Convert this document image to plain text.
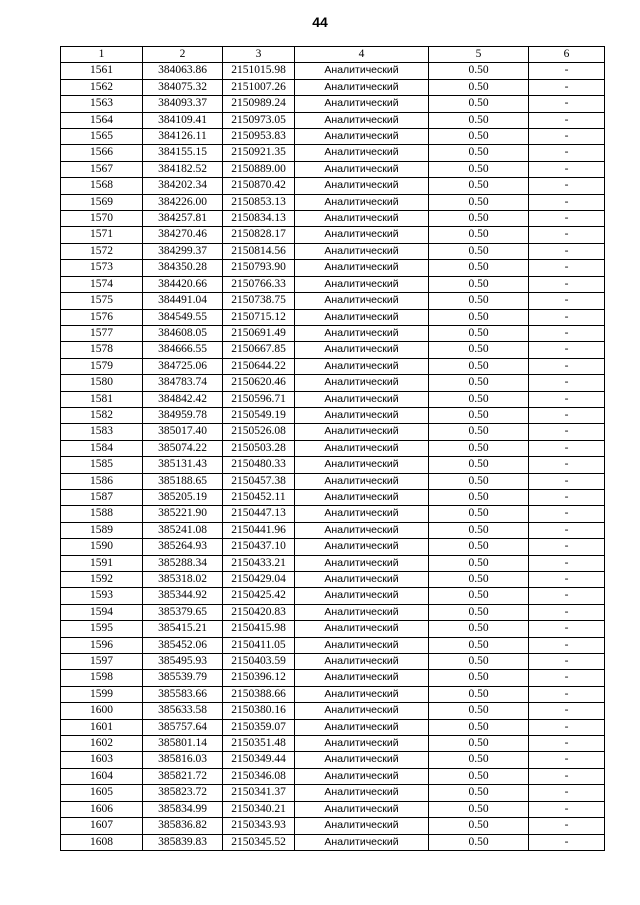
44
1	2	3	4	5	6
1561	384063.86	2151015.98	Аналитический	0.50	-
1562	384075.32	2151007.26	Аналитический	0.50	-
1563	384093.37	2150989.24	Аналитический	0.50	-
1564	384109.41	2150973.05	Аналитический	0.50	-
1565	384126.11	2150953.83	Аналитический	0.50	-
1566	384155.15	2150921.35	Аналитический	0.50	-
1567	384182.52	2150889.00	Аналитический	0.50	-
1568	384202.34	2150870.42	Аналитический	0.50	-
1569	384226.00	2150853.13	Аналитический	0.50	-
1570	384257.81	2150834.13	Аналитический	0.50	-
1571	384270.46	2150828.17	Аналитический	0.50	-
1572	384299.37	2150814.56	Аналитический	0.50	-
1573	384350.28	2150793.90	Аналитический	0.50	-
1574	384420.66	2150766.33	Аналитический	0.50	-
1575	384491.04	2150738.75	Аналитический	0.50	-
1576	384549.55	2150715.12	Аналитический	0.50	-
1577	384608.05	2150691.49	Аналитический	0.50	-
1578	384666.55	2150667.85	Аналитический	0.50	-
1579	384725.06	2150644.22	Аналитический	0.50	-
1580	384783.74	2150620.46	Аналитический	0.50	-
1581	384842.42	2150596.71	Аналитический	0.50	-
1582	384959.78	2150549.19	Аналитический	0.50	-
1583	385017.40	2150526.08	Аналитический	0.50	-
1584	385074.22	2150503.28	Аналитический	0.50	-
1585	385131.43	2150480.33	Аналитический	0.50	-
1586	385188.65	2150457.38	Аналитический	0.50	-
1587	385205.19	2150452.11	Аналитический	0.50	-
1588	385221.90	2150447.13	Аналитический	0.50	-
1589	385241.08	2150441.96	Аналитический	0.50	-
1590	385264.93	2150437.10	Аналитический	0.50	-
1591	385288.34	2150433.21	Аналитический	0.50	-
1592	385318.02	2150429.04	Аналитический	0.50	-
1593	385344.92	2150425.42	Аналитический	0.50	-
1594	385379.65	2150420.83	Аналитический	0.50	-
1595	385415.21	2150415.98	Аналитический	0.50	-
1596	385452.06	2150411.05	Аналитический	0.50	-
1597	385495.93	2150403.59	Аналитический	0.50	-
1598	385539.79	2150396.12	Аналитический	0.50	-
1599	385583.66	2150388.66	Аналитический	0.50	-
1600	385633.58	2150380.16	Аналитический	0.50	-
1601	385757.64	2150359.07	Аналитический	0.50	-
1602	385801.14	2150351.48	Аналитический	0.50	-
1603	385816.03	2150349.44	Аналитический	0.50	-
1604	385821.72	2150346.08	Аналитический	0.50	-
1605	385823.72	2150341.37	Аналитический	0.50	-
1606	385834.99	2150340.21	Аналитический	0.50	-
1607	385836.82	2150343.93	Аналитический	0.50	-
1608	385839.83	2150345.52	Аналитический	0.50	-
